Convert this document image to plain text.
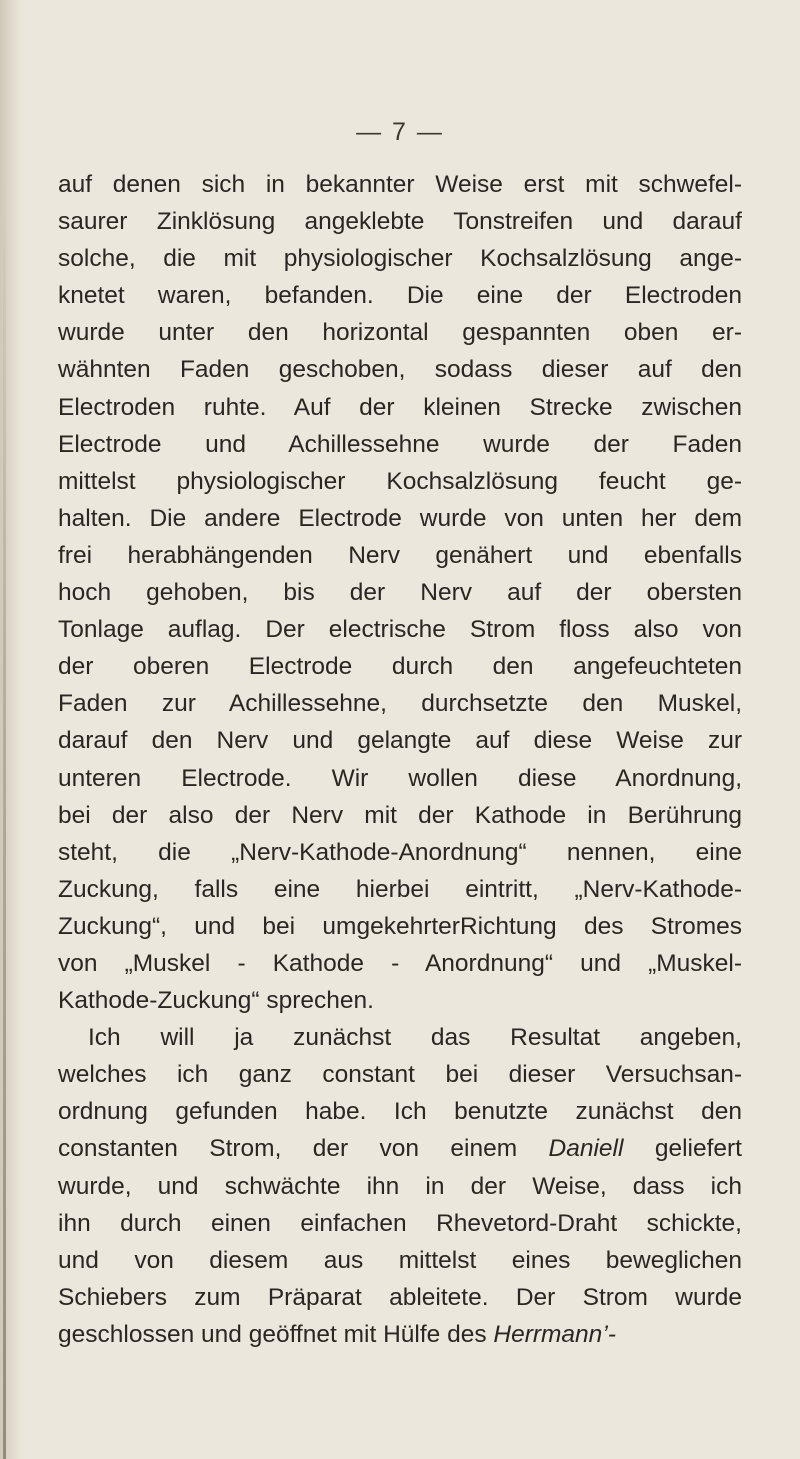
— 7 —
auf denen sich in bekannter Weise erst mit schwefel-
saurer Zinklösung angeklebte Tonstreifen und darauf
solche, die mit physiologischer Kochsalzlösung ange-
knetet waren, befanden. Die eine der Electroden
wurde unter den horizontal gespannten oben er-
wähnten Faden geschoben, sodass dieser auf den
Electroden ruhte. Auf der kleinen Strecke zwischen
Electrode und Achillessehne wurde der Faden
mittelst physiologischer Kochsalzlösung feucht ge-
halten. Die andere Electrode wurde von unten her dem
frei herabhängenden Nerv genähert und ebenfalls
hoch gehoben, bis der Nerv auf der obersten
Tonlage auflag. Der electrische Strom floss also von
der oberen Electrode durch den angefeuchteten
Faden zur Achillessehne, durchsetzte den Muskel,
darauf den Nerv und gelangte auf diese Weise zur
unteren Electrode. Wir wollen diese Anordnung,
bei der also der Nerv mit der Kathode in Berührung
steht, die „Nerv-Kathode-Anordnung“ nennen, eine
Zuckung, falls eine hierbei eintritt, „Nerv-Kathode-
Zuckung“, und bei umgekehrterRichtung des Stromes
von „Muskel - Kathode - Anordnung“ und „Muskel-
Kathode-Zuckung“ sprechen.
Ich will ja zunächst das Resultat angeben,
welches ich ganz constant bei dieser Versuchsan-
ordnung gefunden habe. Ich benutzte zunächst den
constanten Strom, der von einem Daniell geliefert
wurde, und schwächte ihn in der Weise, dass ich
ihn durch einen einfachen Rhevetord-Draht schickte,
und von diesem aus mittelst eines beweglichen
Schiebers zum Präparat ableitete. Der Strom wurde
geschlossen und geöffnet mit Hülfe des Herrmann’-
